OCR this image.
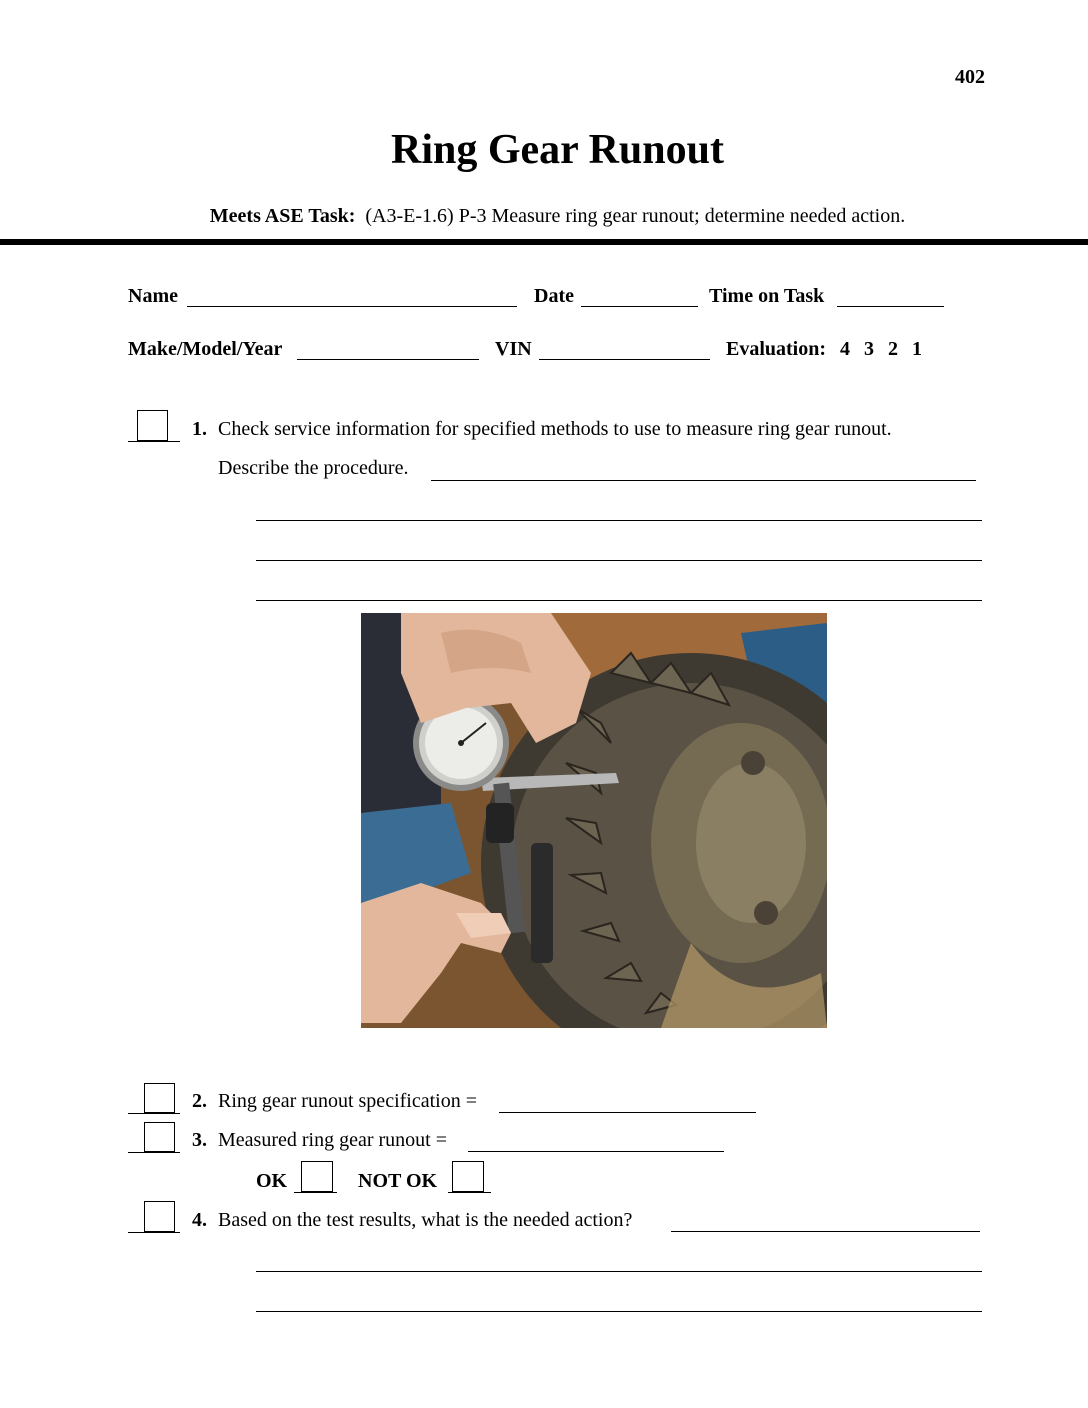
402
Ring Gear Runout
Meets ASE Task: (A3-E-1.6) P-3 Measure ring gear runout; determine needed action.
Name	Date	Time on Task
Make/Model/Year	VIN	Evaluation: 4 3 2 1
1. Check service information for specified methods to use to measure ring gear runout.
Describe the procedure.
2. Ring gear runout specification =
3. Measured ring gear runout =
OK	NOT OK
4. Based on the test results, what is the needed action?
